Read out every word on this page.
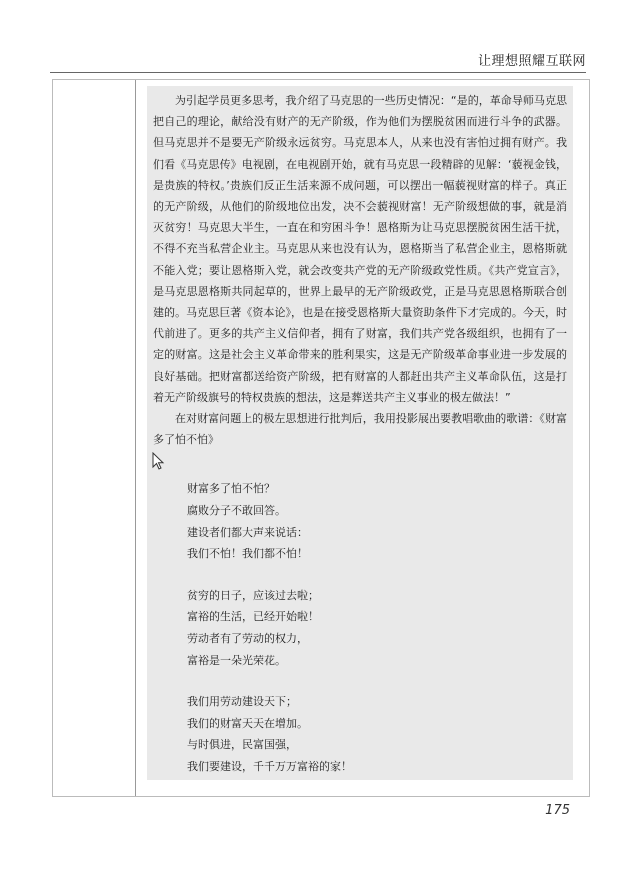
让理想照耀互联网

为引起学员更多思考，我介绍了马克思的一些历史情况：“是的，革命导师马克思把自己的理论，献给没有财产的无产阶级，作为他们为摆脱贫困而进行斗争的武器。但马克思并不是要无产阶级永远贫穷。马克思本人，从来也没有害怕过拥有财产。我们看《马克思传》电视剧，在电视剧开始，就有马克思一段精辟的见解：‘藐视金钱，是贵族的特权。’贵族们反正生活来源不成问题，可以摆出一幅藐视财富的样子。真正的无产阶级，从他们的阶级地位出发，决不会藐视财富！无产阶级想做的事，就是消灭贫穷！马克思大半生，一直在和穷困斗争！恩格斯为让马克思摆脱贫困生活干扰，不得不充当私营企业主。马克思从来也没有认为，恩格斯当了私营企业主，恩格斯就不能入党；要让恩格斯入党，就会改变共产党的无产阶级政党性质。《共产党宣言》，是马克思恩格斯共同起草的，世界上最早的无产阶级政党，正是马克思恩格斯联合创建的。马克思巨著《资本论》，也是在接受恩格斯大量资助条件下才完成的。今天，时代前进了。更多的共产主义信仰者，拥有了财富，我们共产党各级组织，也拥有了一定的财富。这是社会主义革命带来的胜利果实，这是无产阶级革命事业进一步发展的良好基础。把财富都送给资产阶级，把有财富的人都赶出共产主义革命队伍，这是打着无产阶级旗号的特权贵族的想法，这是葬送共产主义事业的极左做法！”

在对财富问题上的极左思想进行批判后，我用投影展出要教唱歌曲的歌谱：《财富多了怕不怕》

财富多了怕不怕？
腐败分子不敢回答。
建设者们都大声来说话：
我们不怕！我们都不怕！
贫穷的日子，应该过去啦；
富裕的生活，已经开始啦！
劳动者有了劳动的权力，
富裕是一朵光荣花。
我们用劳动建设天下；
我们的财富天天在增加。
与时俱进，民富国强，
我们要建设，千千万万富裕的家！
175
